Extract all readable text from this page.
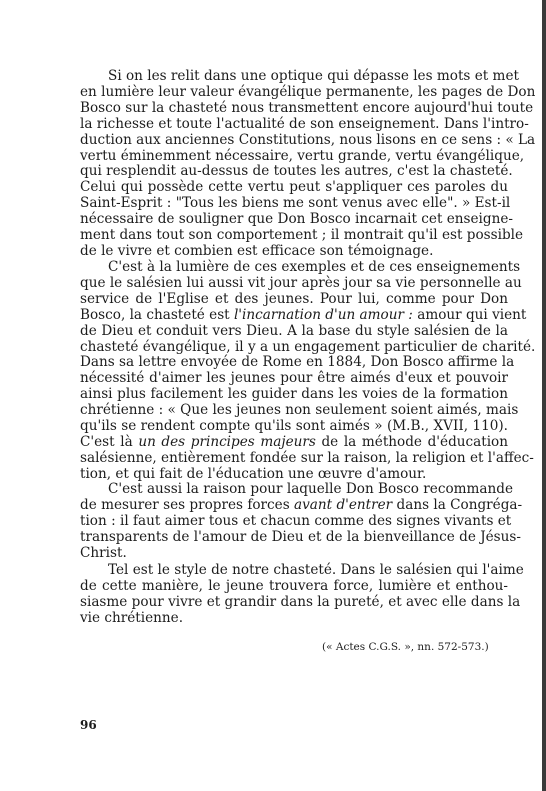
Si on les relit dans une optique qui dépasse les mots et met
en lumière leur valeur évangélique permanente, les pages de Don
Bosco sur la chasteté nous transmettent encore aujourd'hui toute
la richesse et toute l'actualité de son enseignement. Dans l'intro-
duction aux anciennes Constitutions, nous lisons en ce sens : « La
vertu éminemment nécessaire, vertu grande, vertu évangélique,
qui resplendit au-dessus de toutes les autres, c'est la chasteté.
Celui qui possède cette vertu peut s'appliquer ces paroles du
Saint-Esprit : "Tous les biens me sont venus avec elle". » Est-il
nécessaire de souligner que Don Bosco incarnait cet enseigne-
ment dans tout son comportement ; il montrait qu'il est possible
de le vivre et combien est efficace son témoignage.
C'est à la lumière de ces exemples et de ces enseignements
que le salésien lui aussi vit jour après jour sa vie personnelle au
service de l'Eglise et des jeunes. Pour lui, comme pour Don
Bosco, la chasteté est l'incarnation d'un amour : amour qui vient
de Dieu et conduit vers Dieu. A la base du style salésien de la
chasteté évangélique, il y a un engagement particulier de charité.
Dans sa lettre envoyée de Rome en 1884, Don Bosco affirme la
nécessité d'aimer les jeunes pour être aimés d'eux et pouvoir
ainsi plus facilement les guider dans les voies de la formation
chrétienne : « Que les jeunes non seulement soient aimés, mais
qu'ils se rendent compte qu'ils sont aimés » (M.B., XVII, 110).
C'est là un des principes majeurs de la méthode d'éducation
salésienne, entièrement fondée sur la raison, la religion et l'affec-
tion, et qui fait de l'éducation une œuvre d'amour.
C'est aussi la raison pour laquelle Don Bosco recommande
de mesurer ses propres forces avant d'entrer dans la Congréga-
tion : il faut aimer tous et chacun comme des signes vivants et
transparents de l'amour de Dieu et de la bienveillance de Jésus-
Christ.
Tel est le style de notre chasteté. Dans le salésien qui l'aime
de cette manière, le jeune trouvera force, lumière et enthou-
siasme pour vivre et grandir dans la pureté, et avec elle dans la
vie chrétienne.
(« Actes C.G.S. », nn. 572-573.)
96
